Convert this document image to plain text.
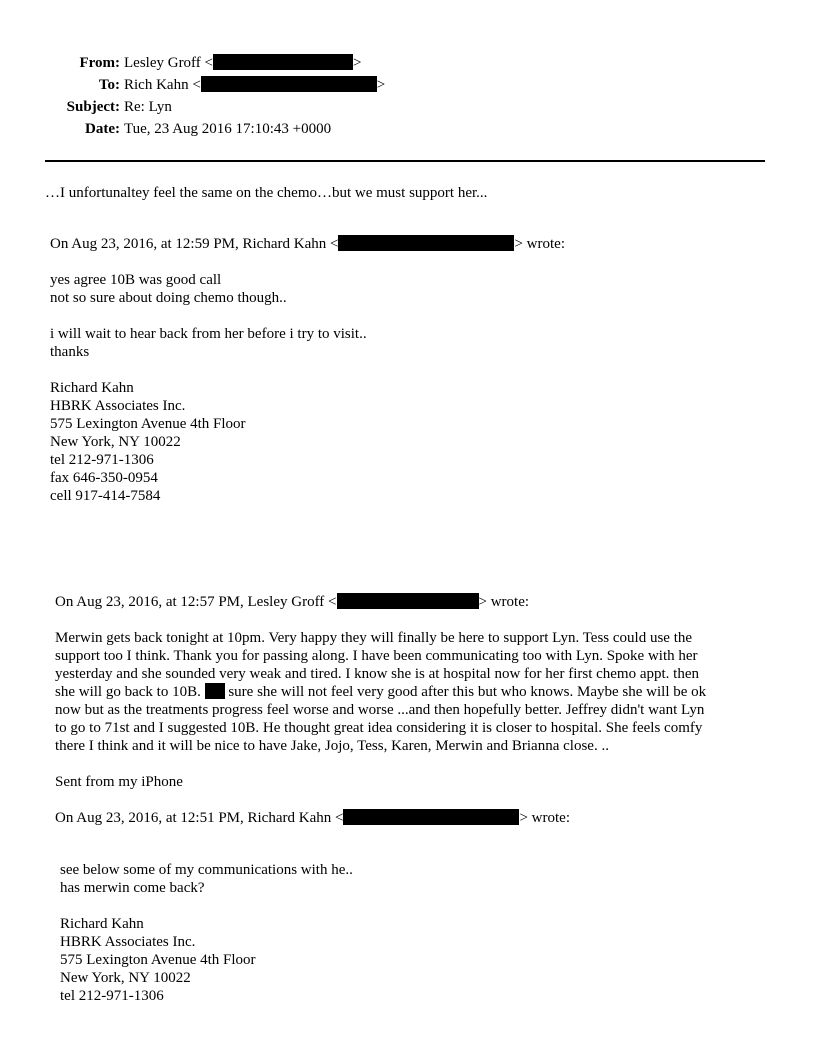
From: Lesley Groff <	>
To: Rich Kahn <	>
Subject: Re: Lyn
Date: Tue, 23 Aug 2016 17:10:43 +0000
…I unfortunaltey feel the same on the chemo…but we must support her...
On Aug 23, 2016, at 12:59 PM, Richard Kahn <	> wrote:
yes agree 10B was good call
not so sure about doing chemo though..
i will wait to hear back from her before i try to visit..
thanks
Richard Kahn
HBRK Associates Inc.
575 Lexington Avenue 4th Floor
New York, NY 10022
tel 212-971-1306
fax 646-350-0954
cell 917-414-7584
On Aug 23, 2016, at 12:57 PM, Lesley Groff <	> wrote:
Merwin gets back tonight at 10pm. Very happy they will finally be here to support Lyn. Tess could use the
support too I think. Thank you for passing along. I have been communicating too with Lyn. Spoke with her
yesterday and she sounded very weak and tired. I know she is at hospital now for her first chemo appt. then
she will go back to 10B.  sure she will not feel very good after this but who knows. Maybe she will be ok
now but as the treatments progress feel worse and worse ...and then hopefully better. Jeffrey didn't want Lyn
to go to 71st and I suggested 10B. He thought great idea considering it is closer to hospital. She feels comfy
there I think and it will be nice to have Jake, Jojo, Tess, Karen, Merwin and Brianna close. ..
Sent from my iPhone
On Aug 23, 2016, at 12:51 PM, Richard Kahn <	> wrote:
see below some of my communications with he..
has merwin come back?
Richard Kahn
HBRK Associates Inc.
575 Lexington Avenue 4th Floor
New York, NY 10022
tel 212-971-1306
